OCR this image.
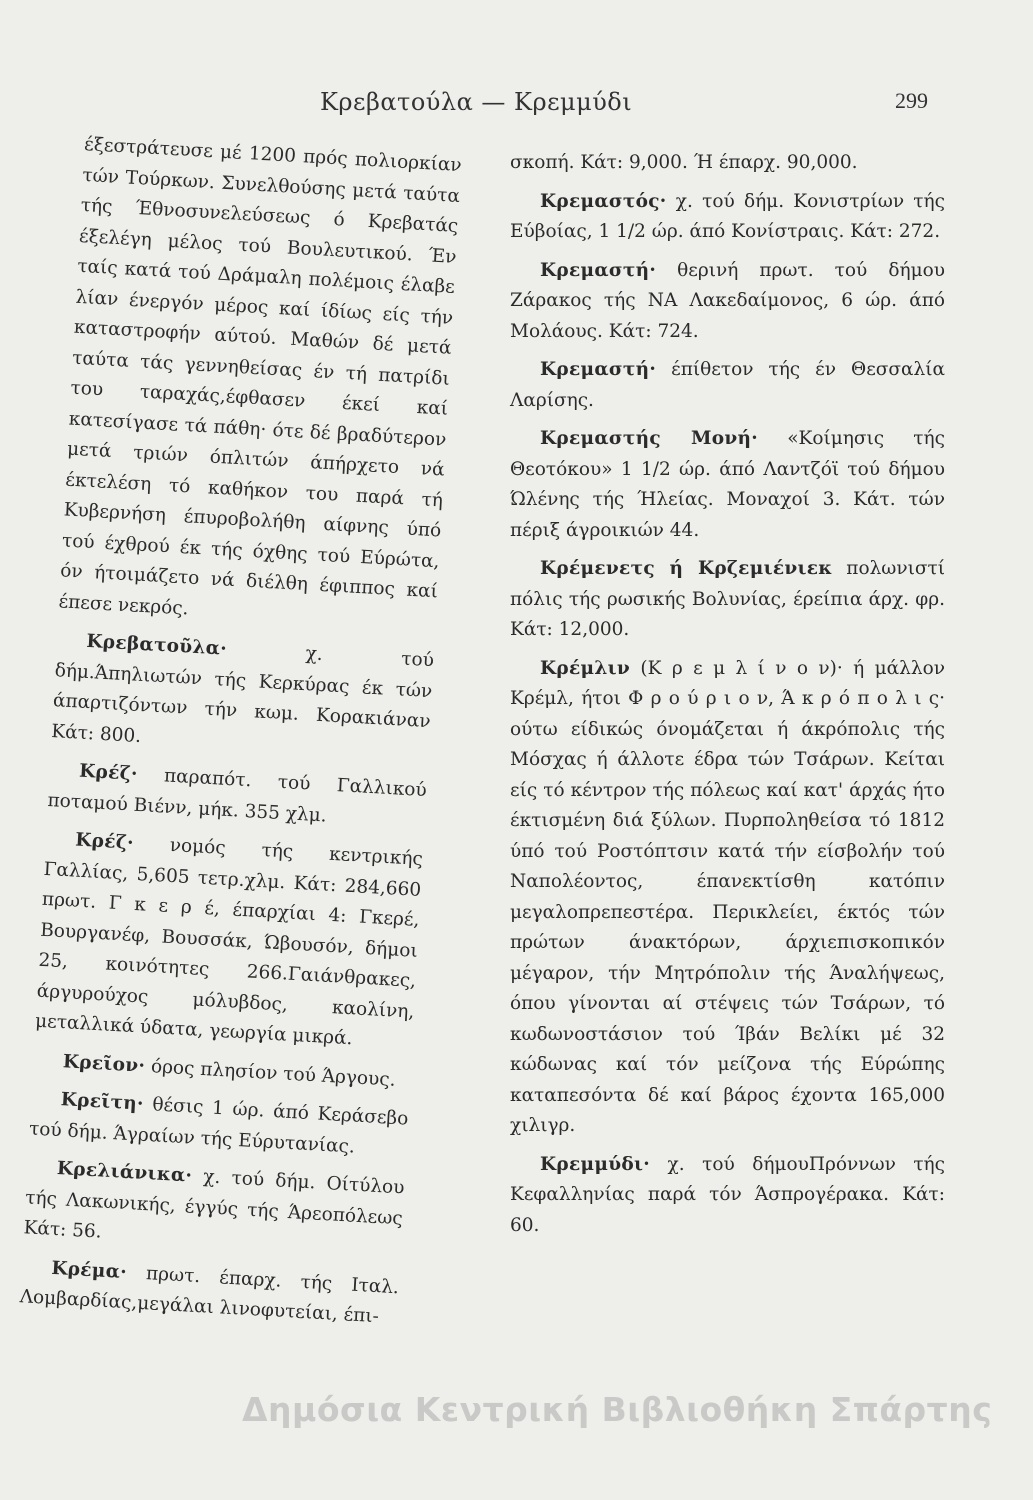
Κρεβατούλα — Κρεμμύδι	299

έξεστράτευσε μέ 1200 πρός πολιορκίαν τών Τούρκων. Συνελθούσης μετά ταύτα τής Έθνοσυνελεύσεως ό Κρεβατάς έξελέγη μέλος τού Βουλευτικού. Έν ταίς κατά τού Δράμαλη πολέμοις έλαβε λίαν ένεργόν μέρος καί ίδίως είς τήν καταστροφήν αύτού. Μαθών δέ μετά ταύτα τάς γεννηθείσας έν τή πατρίδι του ταραχάς,έφθασεν έκεί καί κατεσίγασε τά πάθη· ότε δέ βραδύτερον μετά τριών όπλιτών άπήρχετο νά έκτελέση τό καθήκον του παρά τή Κυβερνήση έπυροβολήθη αίφνης ύπό τού έχθρού έκ τής όχθης τού Εύρώτα, όν ήτοιμάζετο νά διέλθη έφιππος καί έπεσε νεκρός.

Κρεβατοῦλα·	χ. τού δήμ.Άπηλιωτών τής Κερκύρας έκ τών άπαρτιζόντων τήν κωμ. Κορακιάναν Κάτ: 800.

Κρέζ· παραπότ. τού Γαλλικού ποταμού Βιένν, μήκ. 355 χλμ.

Κρέζ· νομός τής κεντρικής Γαλλίας, 5,605 τετρ.χλμ. Κάτ: 284,660 πρωτ. Γ κ ε ρ έ, έπαρχίαι 4: Γκερέ, Βουργανέφ, Βουσσάκ, Ώβουσόν, δήμοι 25, κοινότητες 266.Γαιάνθρακες, άργυρούχος μόλυβδος, καολίνη, μεταλλικά ύδατα, γεωργία μικρά.

Κρεῖον· όρος πλησίον τού Άργους.

Κρεῖτη· θέσις 1 ώρ. άπό Κεράσεβο τού δήμ. Άγραίων τής Εύρυτανίας.

Κρελιάνικα· χ. τού δήμ. Οίτύλου τής Λακωνικής, έγγύς τής Άρεοπόλεως Κάτ: 56.

Κρέμα· πρωτ. έπαρχ. τής Ιταλ. Λομβαρδίας,μεγάλαι λινοφυτείαι, έπι-

σκοπή. Κάτ: 9,000. Ή έπαρχ. 90,000.

Κρεμαστός· χ. τού δήμ. Κονιστρίων τής Εύβοίας, 1 1/2 ώρ. άπό Κονίστραις. Κάτ: 272.

Κρεμαστή· θερινή πρωτ. τού δήμου Ζάρακος τής ΝΑ Λακεδαίμονος, 6 ώρ. άπό Μολάους. Κάτ: 724.

Κρεμαστή· έπίθετον τής έν Θεσσαλία Λαρίσης.

Κρεμαστής Μονή· «Κοίμησις τής Θεοτόκου» 1 1/2 ώρ. άπό Λαντζόϊ τού δήμου Ώλένης τής Ήλείας. Μοναχοί 3. Κάτ. τών πέριξ άγροικιών 44.

Κρέμενετς ή Κρζεμιένιεκ πολωνιστί πόλις τής ρωσικής Βολυνίας, έρείπια άρχ. φρ. Κάτ: 12,000.

Κρέμλιν (Κ ρ ε μ λ ί ν ο ν)· ή μάλλον Κρέμλ, ήτοι Φ ρ ο ύ ρ ι ο ν, Ά κ ρ ό π ο λ ι ς· ούτω είδικώς όνομάζεται ή άκρόπολις τής Μόσχας ή άλλοτε έδρα τών Τσάρων. Κείται είς τό κέντρον τής πόλεως καί κατ' άρχάς ήτο έκτισμένη διά ξύλων. Πυρποληθείσα τό 1812 ύπό τού Ροστόπτσιν κατά τήν είσβολήν τού Ναπολέοντος, έπανεκτίσθη κατόπιν μεγαλοπρεπεστέρα. Περικλείει, έκτός τών πρώτων άνακτόρων, άρχιεπισκοπικόν μέγαρον, τήν Μητρόπολιν τής Άναλήψεως, όπου γίνονται αί στέψεις τών Τσάρων, τό κωδωνοστάσιον τού Ίβάν Βελίκι μέ 32 κώδωνας καί τόν μείζονα τής Εύρώπης καταπεσόντα δέ καί βάρος έχοντα 165,000 χιλιγρ.

Κρεμμύδι· χ. τού δήμουΠρόννων τής Κεφαλληνίας παρά τόν Άσπρογέρακα. Κάτ: 60.

Δημόσια Κεντρική Βιβλιοθήκη Σπάρτης
